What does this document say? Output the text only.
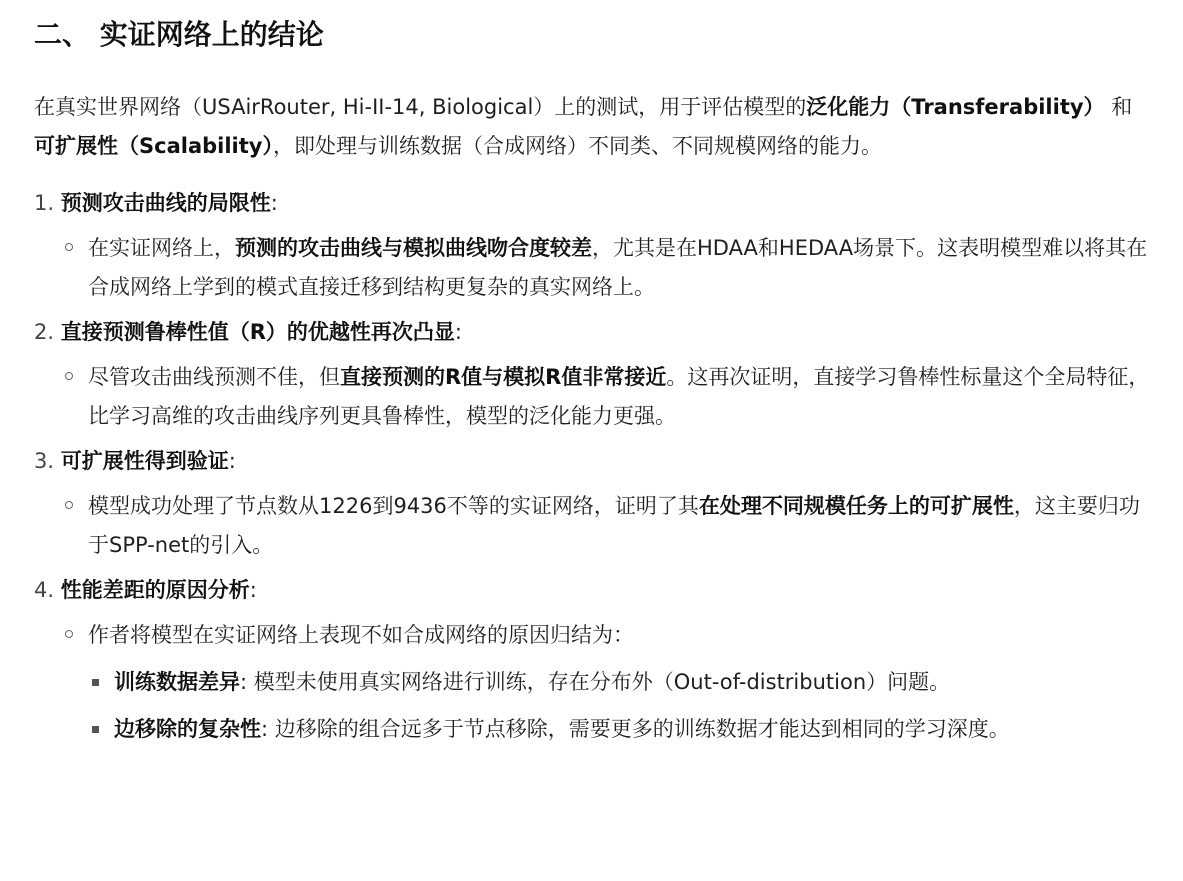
二、 实证网络上的结论
在真实世界网络（USAirRouter, Hi-II-14, Biological）上的测试，用于评估模型的泛化能力（Transferability） 和可扩展性（Scalability），即处理与训练数据（合成网络）不同类、不同规模网络的能力。
1. 预测攻击曲线的局限性:
在实证网络上，预测的攻击曲线与模拟曲线吻合度较差，尤其是在HDAA和HEDAA场景下。这表明模型难以将其在合成网络上学到的模式直接迁移到结构更复杂的真实网络上。
2. 直接预测鲁棒性值（R）的优越性再次凸显:
尽管攻击曲线预测不佳，但直接预测的R值与模拟R值非常接近。这再次证明，直接学习鲁棒性标量这个全局特征，比学习高维的攻击曲线序列更具鲁棒性，模型的泛化能力更强。
3. 可扩展性得到验证:
模型成功处理了节点数从1226到9436不等的实证网络，证明了其在处理不同规模任务上的可扩展性，这主要归功于SPP-net的引入。
4. 性能差距的原因分析:
作者将模型在实证网络上表现不如合成网络的原因归结为：
训练数据差异: 模型未使用真实网络进行训练，存在分布外（Out-of-distribution）问题。
边移除的复杂性: 边移除的组合远多于节点移除，需要更多的训练数据才能达到相同的学习深度。
